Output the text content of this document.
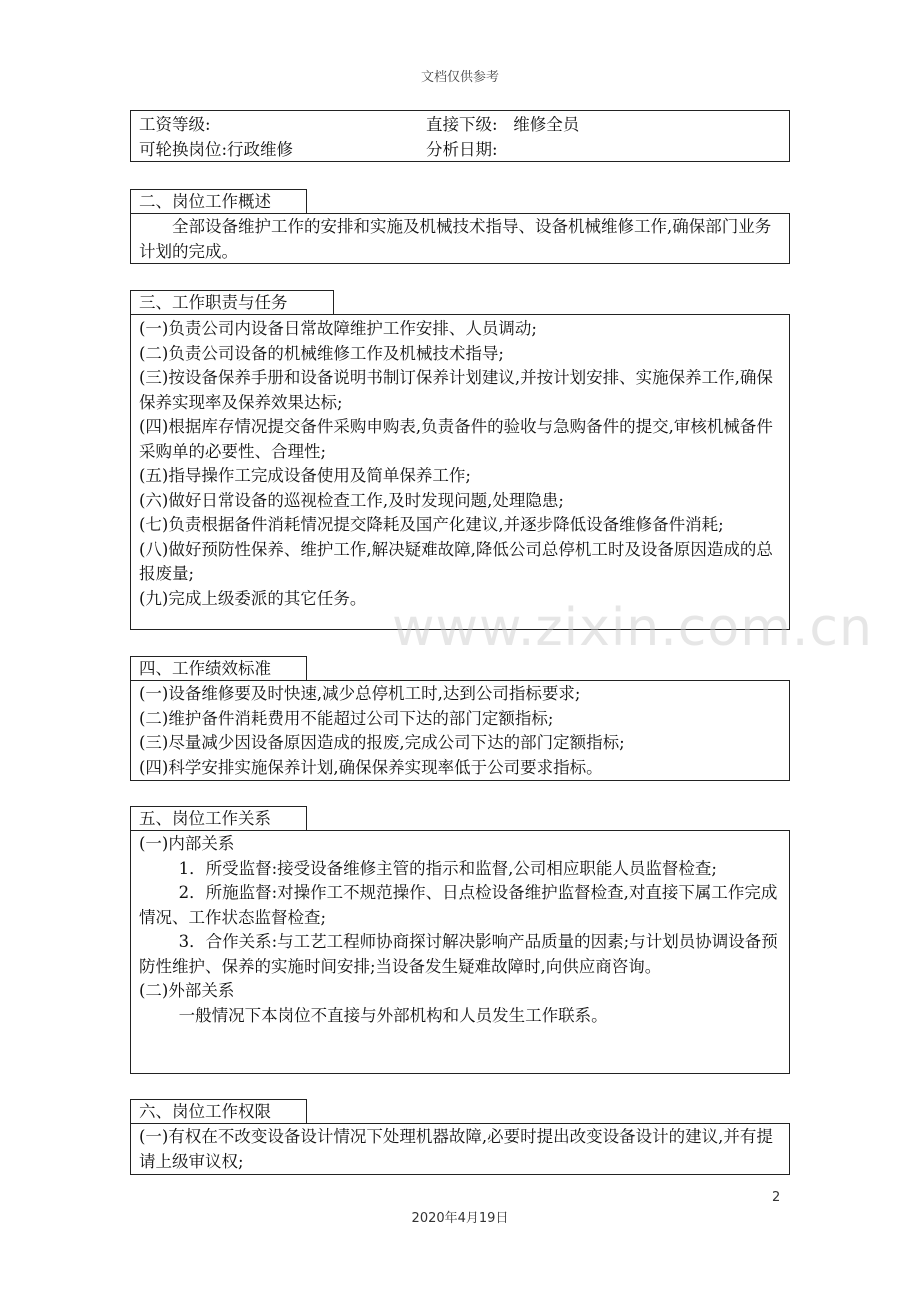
文档仅供参考
工资等级:	直接下级:   维修全员
可轮换岗位:行政维修	分析日期:
二、岗位工作概述

全部设备维护工作的安排和实施及机械技术指导、设备机械维修工作,确保部门业务计划的完成。

三、工作职责与任务

(一)负责公司内设备日常故障维护工作安排、人员调动;

(二)负责公司设备的机械维修工作及机械技术指导;

(三)按设备保养手册和设备说明书制订保养计划建议,并按计划安排、实施保养工作,确保保养实现率及保养效果达标;

(四)根据库存情况提交备件采购申购表,负责备件的验收与急购备件的提交,审核机械备件采购单的必要性、合理性;

(五)指导操作工完成设备使用及简单保养工作;

(六)做好日常设备的巡视检查工作,及时发现问题,处理隐患;

(七)负责根据备件消耗情况提交降耗及国产化建议,并逐步降低设备维修备件消耗;

(八)做好预防性保养、维护工作,解决疑难故障,降低公司总停机工时及设备原因造成的总报废量;

(九)完成上级委派的其它任务。

四、工作绩效标准

(一)设备维修要及时快速,减少总停机工时,达到公司指标要求;

(二)维护备件消耗费用不能超过公司下达的部门定额指标;

(三)尽量减少因设备原因造成的报废,完成公司下达的部门定额指标;

(四)科学安排实施保养计划,确保保养实现率低于公司要求指标。

五、岗位工作关系

(一)内部关系

1．所受监督:接受设备维修主管的指示和监督,公司相应职能人员监督检查;

2．所施监督:对操作工不规范操作、日点检设备维护监督检查,对直接下属工作完成情况、工作状态监督检查;

3．合作关系:与工艺工程师协商探讨解决影响产品质量的因素;与计划员协调设备预防性维护、保养的实施时间安排;当设备发生疑难故障时,向供应商咨询。

(二)外部关系

一般情况下本岗位不直接与外部机构和人员发生工作联系。

六、岗位工作权限

(一)有权在不改变设备设计情况下处理机器故障,必要时提出改变设备设计的建议,并有提请上级审议权;

www.zixin.com.cn
2
2020年4月19日
